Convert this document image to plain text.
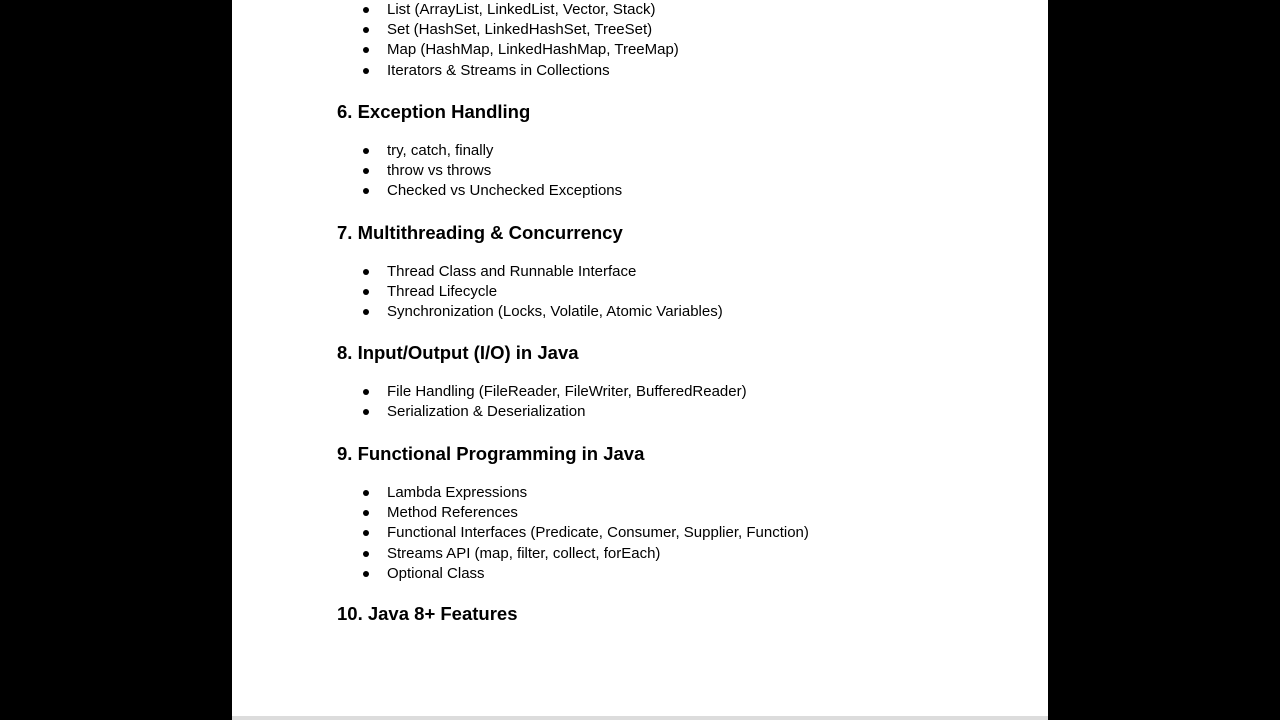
List (ArrayList, LinkedList, Vector, Stack)
Set (HashSet, LinkedHashSet, TreeSet)
Map (HashMap, LinkedHashMap, TreeMap)
Iterators & Streams in Collections
6. Exception Handling
try, catch, finally
throw vs throws
Checked vs Unchecked Exceptions
7. Multithreading & Concurrency
Thread Class and Runnable Interface
Thread Lifecycle
Synchronization (Locks, Volatile, Atomic Variables)
8. Input/Output (I/O) in Java
File Handling (FileReader, FileWriter, BufferedReader)
Serialization & Deserialization
9. Functional Programming in Java
Lambda Expressions
Method References
Functional Interfaces (Predicate, Consumer, Supplier, Function)
Streams API (map, filter, collect, forEach)
Optional Class
10. Java 8+ Features
